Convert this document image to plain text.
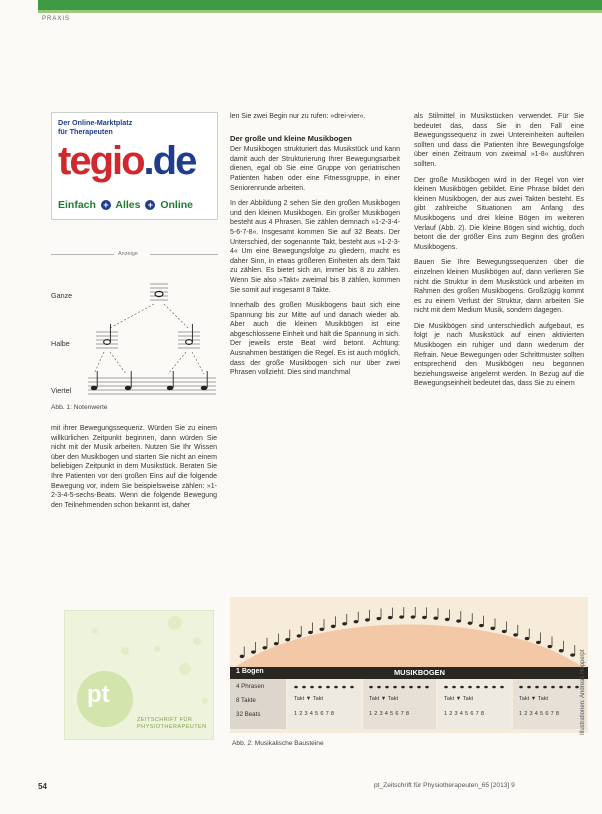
PRAXIS
Der Online-Marktplatz
für Therapeuten
tegio.de
Einfach + Alles + Online
Anzeige
Ganze
Halbe
Viertel
Abb. 1: Notenwerte

mit ihrer Bewegungssequenz. Würden Sie zu einem willkürlichen Zeitpunkt beginnen, dann würden Sie nicht mit der Musik arbeiten. Nutzen Sie Ihr Wissen über den Musikbogen und starten Sie nicht an einem beliebigen Zeitpunkt in dem Musikstück. Beraten Sie Ihre Patienten vor den großen Eins auf die folgende Bewegung vor, indem Sie beispielsweise zählen: »1-2-3-4-5-sechs-Beats. Wenn die folgende Bewegung den Teilnehmenden schon bekannt ist, daher

len Sie zwei Begin nur zu rufen: »drei-vier«.

Der große und kleine Musikbogen

Der Musikbogen strukturiert das Musikstück und kann damit auch der Strukturierung Ihrer Bewegungsarbeit dienen, egal ob Sie eine Gruppe von geriatrischen Patienten haben oder eine Fitnessgruppe, in einer Seniorenrunde arbeiten.

In der Abbildung 2 sehen Sie den großen Musikbogen und den kleinen Musikbogen. Ein großer Musikbogen besteht aus 4 Phrasen. Sie zählen demnach »1-2-3-4-5-6-7-8«. Insgesamt kommen Sie auf 32 Beats. Der Unterschied, der sogenannte Takt, besteht aus »1-2-3-4« Um eine Bewegungsfolge zu gliedern, macht es daher Sinn, in etwas größeren Einheiten als dem Takt zu zählen. Es bietet sich an, immer bis 8 zu zählen. Wenn Sie also »Takt« zweimal bis 8 zählen, kommen Sie somit auf insgesamt 8 Takte.

Innerhalb des großen Musikbogens baut sich eine Spannung bis zur Mitte auf und danach wieder ab. Aber auch die kleinen Musikbögen ist eine abgeschlossene Einheit und hält die Spannung in sich. Der jeweils erste Beat wird betont. Achtung: Ausnahmen bestätigen die Regel. Es ist auch möglich, dass der große Musikbogen sich nur über zwei Phrasen vollzieht. Dies sind manchmal

als Stilmittel in Musikstücken verwendet. Für Sie bedeutet das, dass Sie in den Fall eine Bewegungssequenz in zwei Untereinheiten aufteilen sollten und dass die Patienten ihre Bewegungsfolge über einen Zeitraum von zweimal »1-8« ausführen sollten.

Der große Musikbogen wird in der Regel von vier kleinen Musikbögen gebildet. Eine Phrase bildet den kleinen Musikbogen, der aus zwei Takten besteht. Es gibt zahlreiche Situationen am Anfang des Musikbogens und drei kleine Bögen im weiteren Verlauf (Abb. 2). Die kleine Bögen sind wichtig, doch betont die der größer Eins zum Beginn des großen Musikbogens.

Bauen Sie Ihre Bewegungssequenzen über die einzelnen kleinen Musikbögen auf, dann verlieren Sie nicht die Struktur in dem Musikstück und arbeiten im Rahmen des großen Musikbogens. Großzügig kommt es zu einem Verlust der Struktur, dann arbeiten Sie nicht mit dem Medium Musik, sondern dagegen.

Die Musikbögen sind unterschiedlich aufgebaut, es folgt je nach Musikstück auf einen aktivierten Musikbogen ein ruhiger und dann wiederum der Refrain. Neue Bewegungen oder Schrittmuster sollten entsprechend den Musikbögen neu begonnen beziehungsweise angelernt werden. In Bezug auf die Bewegungseinheit bedeutet das, dass Sie zu einem

pt
ZEITSCHRIFT FÜR
PHYSIOTHERAPEUTEN
1 Bogen	MUSIKBOGEN
4 Phrasen
8 Takte
32 Beats
Takt ▼ Takt
1 2 3 4 5 6 7 8
Takt ▼ Takt
1 2 3 4 5 6 7 8
Takt ▼ Takt
1 2 3 4 5 6 7 8
Takt ▼ Takt
1 2 3 4 5 6 7 8
Abb. 2: Musikalische Bausteine
Illustrationen: Andreas Hoppe/pt
54	pt_Zeitschrift für Physiotherapeuten_65 [2013] 9
